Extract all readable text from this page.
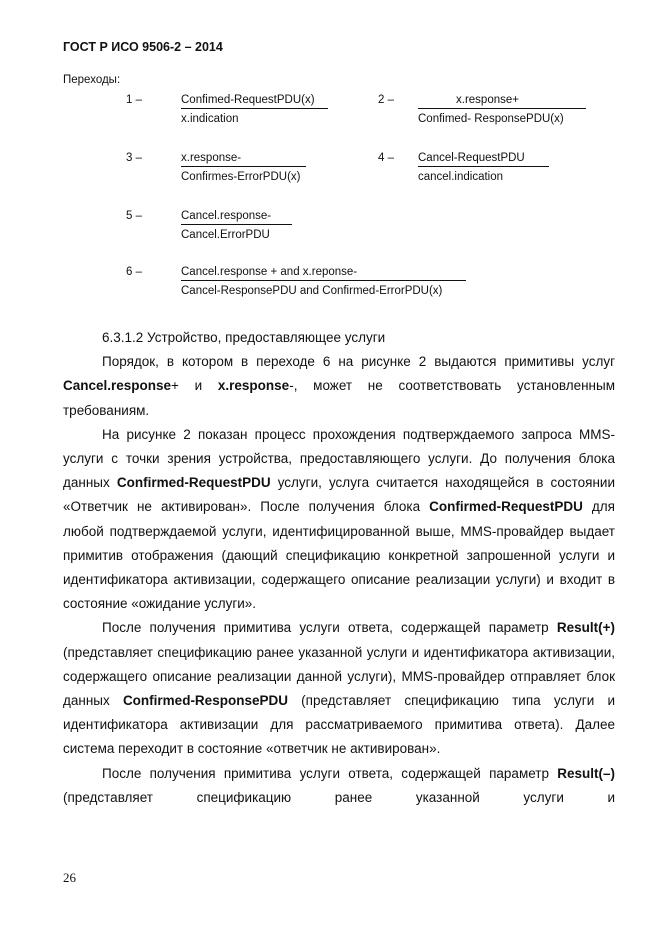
ГОСТ Р ИСО 9506-2 – 2014
Переходы:
1 –	Confimed-RequestPDU(x)
x.indication
2 –	x.response+
Confimed- ResponsePDU(x)
3 –	x.response-
Confirmes-ErrorPDU(x)
4 – Cancel-RequestPDU
cancel.indication
5 –	Cancel.response-
Cancel.ErrorPDU
6 –	Cancel.response + and x.reponse-
Cancel-ResponsePDU and Confirmed-ErrorPDU(x)

6.3.1.2 Устройство, предоставляющее услуги

Порядок, в котором в переходе 6 на рисунке 2 выдаются примитивы услуг Cancel.response+ и x.response-, может не соответствовать установленным требованиям.

На рисунке 2 показан процесс прохождения подтверждаемого запроса MMS-услуги с точки зрения устройства, предоставляющего услуги. До получения блока данных Confirmed-RequestPDU услуги, услуга считается находящейся в состоянии «Ответчик не активирован». После получения блока Confirmed-RequestPDU для любой подтверждаемой услуги, идентифицированной выше, MMS-провайдер выдает примитив отображения (дающий спецификацию конкретной запрошенной услуги и идентификатора активизации, содержащего описание реализации услуги) и входит в состояние «ожидание услуги».

После получения примитива услуги ответа, содержащей параметр Result(+) (представляет спецификацию ранее указанной услуги и идентификатора активизации, содержащего описание реализации данной услуги), MMS-провайдер отправляет блок данных Confirmed-ResponsePDU (представляет спецификацию типа услуги и идентификатора активизации для рассматриваемого примитива ответа). Далее система переходит в состояние «ответчик не активирован».

После получения примитива услуги ответа, содержащей параметр Result(–) (представляет спецификацию ранее указанной услуги и

26
